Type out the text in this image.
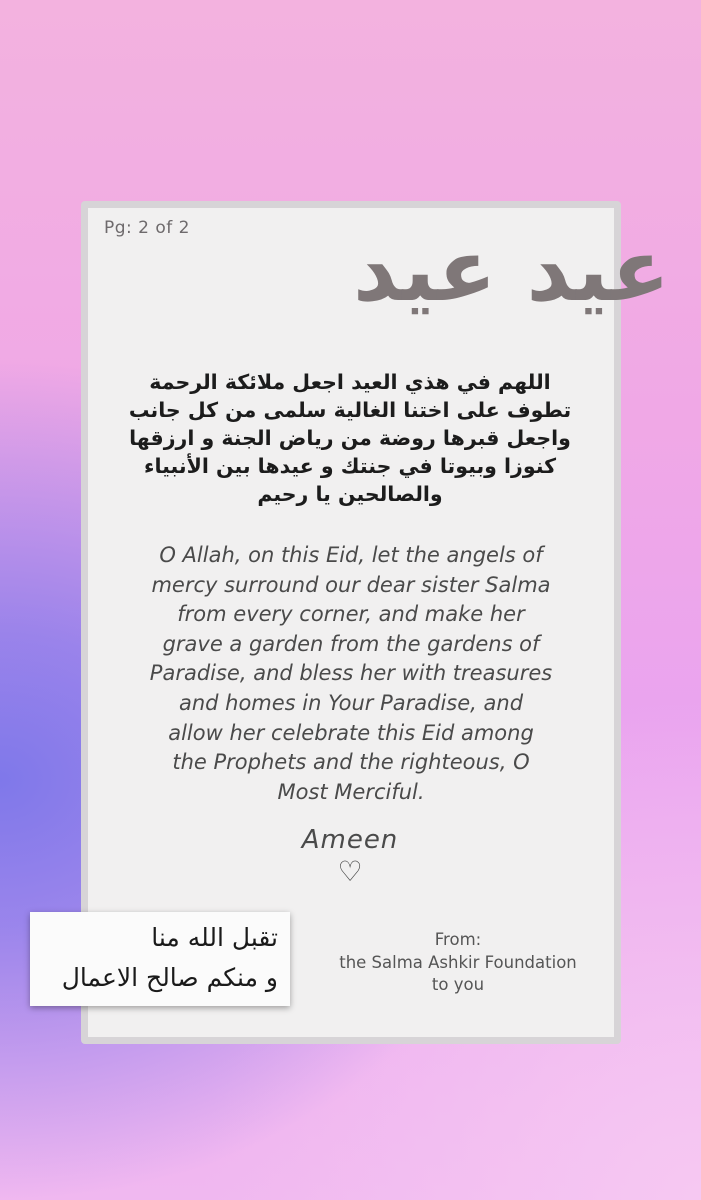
Pg: 2 of 2	عيد عيد
اللهم في هذي العيد اجعل ملائكة الرحمة
تطوف على اختنا الغالية سلمى من كل جانب
واجعل قبرها روضة من رياض الجنة و ارزقها
كنوزا وبيوتا في جنتك و عيدها بين الأنبياء
والصالحين يا رحيم
O Allah, on this Eid, let the angels of
mercy surround our dear sister Salma
from every corner, and make her
grave a garden from the gardens of
Paradise, and bless her with treasures
and homes in Your Paradise, and
allow her celebrate this Eid among
the Prophets and the righteous, O
Most Merciful.
Ameen
♡
تقبل الله منا
و منكم صالح الاعمال
From:
the Salma Ashkir Foundation
to you
